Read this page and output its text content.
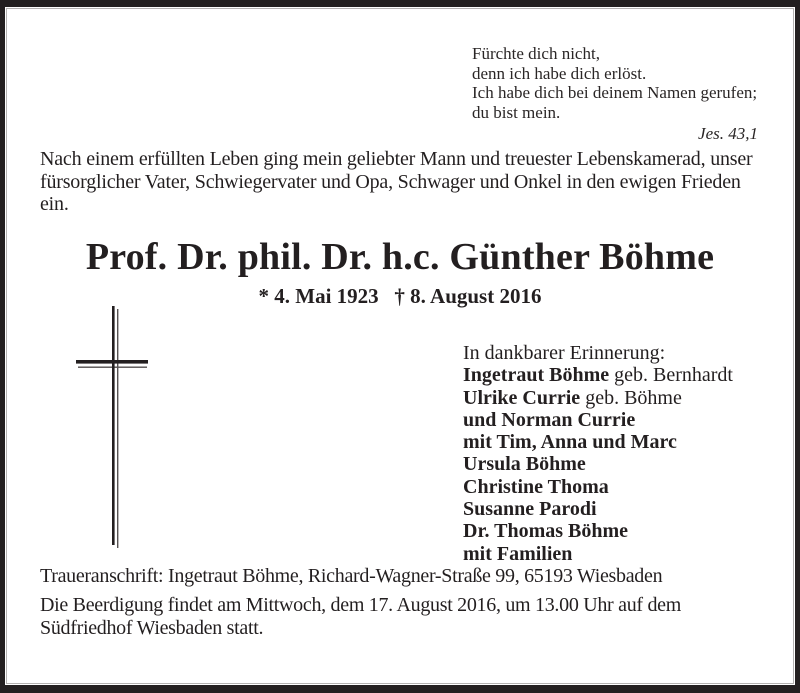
Fürchte dich nicht,
denn ich habe dich erlöst.
Ich habe dich bei deinem Namen gerufen;
du bist mein.
Jes. 43,1
Nach einem erfüllten Leben ging mein geliebter Mann und treuester Lebenskamerad, unser fürsorglicher Vater, Schwiegervater und Opa, Schwager und Onkel in den ewigen Frieden ein.
Prof. Dr. phil. Dr. h.c. Günther Böhme
* 4. Mai 1923   † 8. August 2016
In dankbarer Erinnerung:
Ingetraut Böhme geb. Bernhardt
Ulrike Currie geb. Böhme
und Norman Currie
mit Tim, Anna und Marc
Ursula Böhme
Christine Thoma
Susanne Parodi
Dr. Thomas Böhme
mit Familien
Traueranschrift: Ingetraut Böhme, Richard-Wagner-Straße 99, 65193 Wiesbaden
Die Beerdigung findet am Mittwoch, dem 17. August 2016, um 13.00 Uhr auf dem Südfriedhof Wiesbaden statt.
